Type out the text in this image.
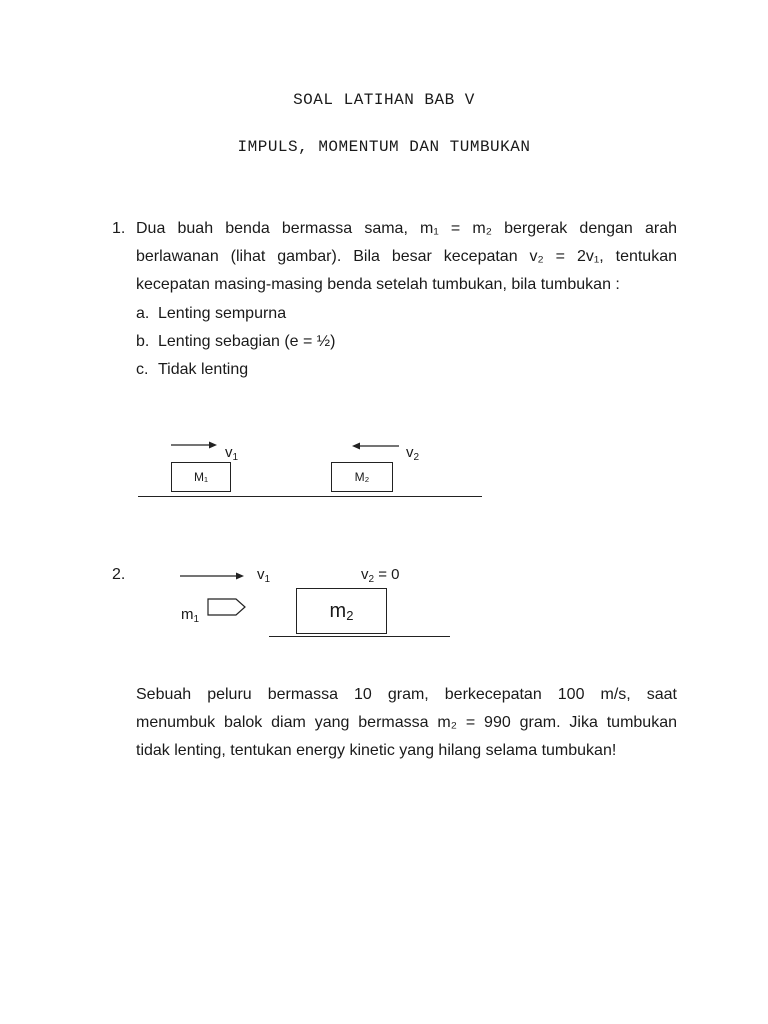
SOAL LATIHAN BAB V
IMPULS, MOMENTUM DAN TUMBUKAN
1. Dua buah benda bermassa sama, m₁ = m₂ bergerak dengan arah
berlawanan (lihat gambar). Bila besar kecepatan v₂ = 2v₁, tentukan
kecepatan masing-masing benda setelah tumbukan, bila tumbukan :
a. Lenting sempurna
b. Lenting sebagian (e = ½)
c. Tidak lenting
$v_1$	$v_2$
M₁	M₂
2.	$v_1$	$v_2 = 0$
$m_1$	$m_2$
Sebuah peluru bermassa 10 gram, berkecepatan 100 m/s, saat
menumbuk balok diam yang bermassa m₂ = 990 gram. Jika tumbukan
tidak lenting, tentukan energy kinetic yang hilang selama tumbukan!
